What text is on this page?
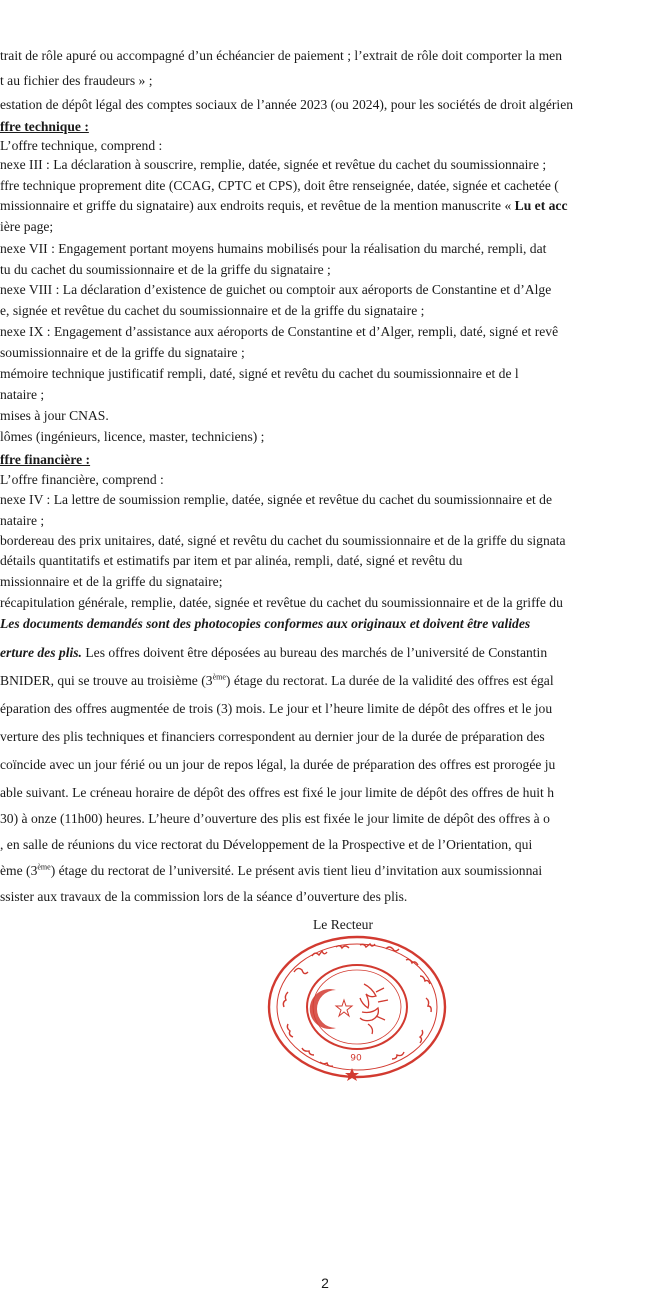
trait de rôle apuré ou accompagné d’un échéancier de paiement ; l’extrait de rôle doit comporter la men

t au fichier des fraudeurs » ;

estation de dépôt légal des comptes sociaux de l’année 2023 (ou 2024), pour les sociétés de droit algérien

ffre technique :

L’offre technique, comprend :

nexe III : La déclaration à souscrire, remplie, datée, signée et revêtue du cachet du soumissionnaire ;

ffre technique proprement dite (CCAG, CPTC et CPS), doit être renseignée, datée, signée et cachetée (

missionnaire et griffe du signataire) aux endroits requis, et revêtue de la mention manuscrite « Lu et acc

ière page;

nexe VII : Engagement portant moyens humains mobilisés pour la réalisation du marché, rempli, dat

tu du cachet du soumissionnaire et de la griffe du signataire ;

nexe VIII : La déclaration d’existence de guichet ou comptoir aux aéroports de Constantine et d’Alge

e, signée et revêtue du cachet du soumissionnaire et de la griffe du signataire ;

nexe IX : Engagement d’assistance aux aéroports de Constantine et d’Alger, rempli, daté, signé et revê

soumissionnaire et de la griffe du signataire ;

mémoire technique justificatif rempli, daté, signé et revêtu du cachet du soumissionnaire et de l

nataire ;

mises à jour CNAS.

lômes (ingénieurs, licence, master, techniciens) ;

ffre financière :

L’offre financière, comprend :

nexe IV : La lettre de soumission remplie, datée, signée et revêtue du cachet du soumissionnaire et de

nataire ;

bordereau des prix unitaires, daté, signé et revêtu du cachet du soumissionnaire et de la griffe du signata

détails quantitatifs et estimatifs par item et par alinéa, rempli, daté, signé et revêtu du

missionnaire et de la griffe du signataire;

récapitulation générale, remplie, datée, signée et revêtue du cachet du soumissionnaire et de la griffe du

Les documents demandés sont des photocopies conformes aux originaux et doivent être valides

erture des plis. Les offres doivent être déposées au bureau des marchés de l’université de Constantin

BNIDER, qui se trouve au troisième (3ème) étage du rectorat. La durée de la validité des offres est égal

éparation des offres augmentée de trois (3) mois. Le jour et l’heure limite de dépôt des offres et le jou

verture des plis techniques et financiers correspondent au dernier jour de la durée de préparation des

coïncide avec un jour férié ou un jour de repos légal, la durée de préparation des offres est prorogée ju

able suivant. Le créneau horaire de dépôt des offres est fixé le jour limite de dépôt des offres de huit h

30) à onze (11h00) heures. L’heure d’ouverture des plis est fixée le jour limite de dépôt des offres à o

, en salle de réunions du vice rectorat du Développement de la Prospective et de l’Orientation, qui

ème (3ème) étage du rectorat de l’université. Le présent avis tient lieu d’invitation aux soumissionnai

ssister aux travaux de la commission lors de la séance d’ouverture des plis.

Le Recteur
06
2
